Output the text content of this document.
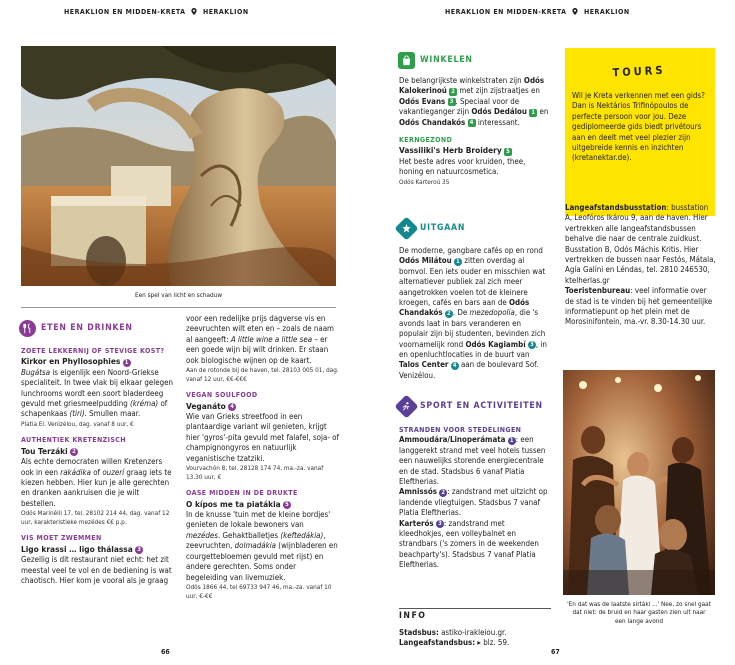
HERAKLION EN MIDDEN-KRETA HERAKLION	HERAKLION EN MIDDEN-KRETA HERAKLION
Een spel van licht en schaduw
ETEN EN DRINKEN
ZOETE LEKKERNIJ OF STEVIGE KOST?

Kirkor en Phyllosophies 1

Bugátsa is eigenlijk een Noord-Griekse specialiteit. In twee vlak bij elkaar gelegen lunchrooms wordt een soort bladerdeeg gevuld met griesmeelpudding (kréma) of schapenkaas (tiri). Smullen maar.

Platia El. Venizélou, dag. vanaf 8 uur, €
AUTHENTIEK KRETENZISCH

Tou Terzáki 2

Als echte democraten willen Kretenzers ook in een rakádika of ouzerí graag iets te kiezen hebben. Hier kun je alle gerechten en dranken aankruisen die je wilt bestellen.

Odós Marinélli 17, tel. 28102 214 44, dag. vanaf 12 uur, karakteristieke mezédes €€ p.p.
VIS MOET ZWEMMEN

Ligo krassi … ligo thálassa 3

Gezellig is dit restaurant niet echt: het zit meestal veel te vol en de bediening is wat chaotisch. Hier kom je vooral als je graag

voor een redelijke prijs dagverse vis en zeevruchten wilt eten en – zoals de naam al aangeeft: A little wine a little sea – er een goede wijn bij wilt drinken. Er staan ook biologische wijnen op de kaart.

Aan de rotonde bij de haven, tel. 28103 005 01, dag. vanaf 12 uur, €€-€€€
VEGAN SOULFOOD

Veganáto 4

Wie van Grieks streetfood in een plantaardige variant wil genieten, krijgt hier 'gyros'-pita gevuld met falafel, soja- of champignongyros en natuurlijk veganistische tzatziki.

Vourvachón 8, tel. 28128 174 74, ma.-za. vanaf 13.30 uur, €
OASE MIDDEN IN DE DRUKTE

O kípos me ta piatákia 5

In de knusse 'tuin met de kleine bordjes' genieten de lokale bewoners van mezédes. Gehaktballetjes (keftedákia), zeevruchten, dolmadákia (wijnbladeren en courgettebloemen gevuld met rijst) en andere gerechten. Soms onder begeleiding van livemuziek.

Odós 1866 44, tel 69733 947 46, ma.-za. vanaf 10 uur, €-€€
66
WINKELEN

De belangrijkste winkelstraten zijn Odós Kalokerinoú 2 met zijn zijstraatjes en Odós Evans 3 . Speciaal voor de vakantieganger zijn Odós Dedálou 1 en Odós Chandakós 4 interessant.

KERNGEZOND

Vassiliki's Herb Broidery 5

Het beste adres voor kruiden, thee, honing en natuurcosmetica.

Odós Karteroú 35
UITGAAN

De moderne, gangbare cafés op en rond Odós Milátou 1 zitten overdag al bomvol. Een iets ouder en misschien wat alternatiever publiek zal zich meer aangetrokken voelen tot de kleinere kroegen, cafés en bars aan de Odós Chandakós 2 . De mezedopolía, die 's avonds laat in bars veranderen en populair zijn bij studenten, bevinden zich voornamelijk rond Odós Kagiambí 3 , in en openluchtlocaties in de buurt van Talos Center 4 aan de boulevard Sof. Venizélou.

SPORT EN ACTIVITEITEN
STRANDEN VOOR STEDELINGEN

Ammoudára/Linoperámata 1 : een langgerekt strand met veel hotels tussen een nauwelijks storende energiecentrale en de stad. Stadsbus 6 vanaf Platia Eleftherias.

Amnissós 2 : zandstrand met uitzicht op landende vliegtuigen. Stadsbus 7 vanaf Platia Eleftherias.

Karterós 3 : zandstrand met kleedhokjes, een volleybalnet en strandbars ('s zomers in de weekenden beachparty's). Stadsbus 7 vanaf Platia Eleftherias.

INFO

Stadsbus: astiko-irakleiou.gr.

Langeafstandsbus: ▸ blz. 59.

67
TOURS
Wil je Kreta verkennen met een gids? Dan is Nektários Trifinópoulos de perfecte persoon voor jou. Deze gediplomeerde gids biedt privétours aan en deelt met veel plezier zijn uitgebreide kennis en inzichten (kretanektar.de).

Langeafstandsbusstation: busstation A, Leofóros Ikárou 9, aan de haven. Hier vertrekken alle langeafstandsbussen behalve die naar de centrale zuidkust. Busstation B, Odós Máchis Kritis. Hier vertrekken de bussen naar Festós, Mátala, Agía Galíni en Léndas, tel. 2810 246530, ktelherlas.gr

Toeristenbureau: veel informatie over de stad is te vinden bij het gemeentelijke informatiepunt op het plein met de Morosinifontein, ma.-vr. 8.30-14.30 uur.

'En dat was de laatste sirtáki ...' Nee, zo snel gaat dat niet: de bruid en haar gasten zien uit naar een lange avond
